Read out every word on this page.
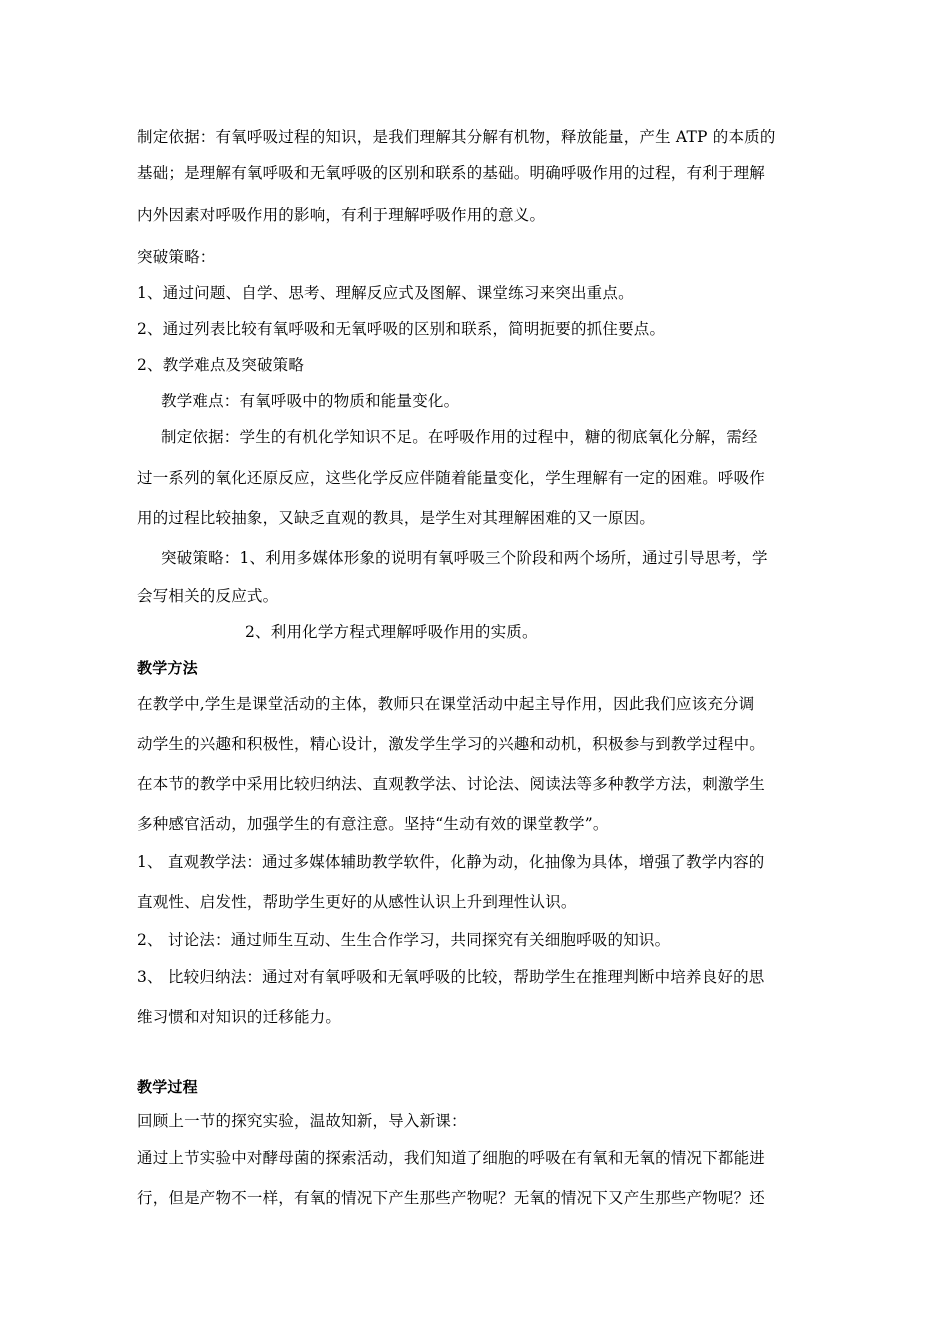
制定依据：有氧呼吸过程的知识，是我们理解其分解有机物，释放能量，产生 ATP 的本质的
基础；是理解有氧呼吸和无氧呼吸的区别和联系的基础。明确呼吸作用的过程，有利于理解
内外因素对呼吸作用的影响，有利于理解呼吸作用的意义。
突破策略：
1、通过问题、自学、思考、理解反应式及图解、课堂练习来突出重点。
2、通过列表比较有氧呼吸和无氧呼吸的区别和联系，简明扼要的抓住要点。
2、教学难点及突破策略
教学难点：有氧呼吸中的物质和能量变化。
制定依据：学生的有机化学知识不足。在呼吸作用的过程中，糖的彻底氧化分解，需经
过一系列的氧化还原反应，这些化学反应伴随着能量变化，学生理解有一定的困难。呼吸作
用的过程比较抽象，又缺乏直观的教具，是学生对其理解困难的又一原因。
突破策略：1、利用多媒体形象的说明有氧呼吸三个阶段和两个场所，通过引导思考，学
会写相关的反应式。
2、利用化学方程式理解呼吸作用的实质。
教学方法
在教学中,学生是课堂活动的主体，教师只在课堂活动中起主导作用，因此我们应该充分调
动学生的兴趣和积极性，精心设计，激发学生学习的兴趣和动机，积极参与到教学过程中。
在本节的教学中采用比较归纳法、直观教学法、讨论法、阅读法等多种教学方法，刺激学生
多种感官活动，加强学生的有意注意。坚持“生动有效的课堂教学”。
1、 直观教学法：通过多媒体辅助教学软件，化静为动，化抽像为具体，增强了教学内容的
直观性、启发性，帮助学生更好的从感性认识上升到理性认识。
2、 讨论法：通过师生互动、生生合作学习，共同探究有关细胞呼吸的知识。
3、 比较归纳法：通过对有氧呼吸和无氧呼吸的比较，帮助学生在推理判断中培养良好的思
维习惯和对知识的迁移能力。
教学过程
回顾上一节的探究实验，温故知新，导入新课：
通过上节实验中对酵母菌的探索活动，我们知道了细胞的呼吸在有氧和无氧的情况下都能进
行，但是产物不一样，有氧的情况下产生那些产物呢？无氧的情况下又产生那些产物呢？还
